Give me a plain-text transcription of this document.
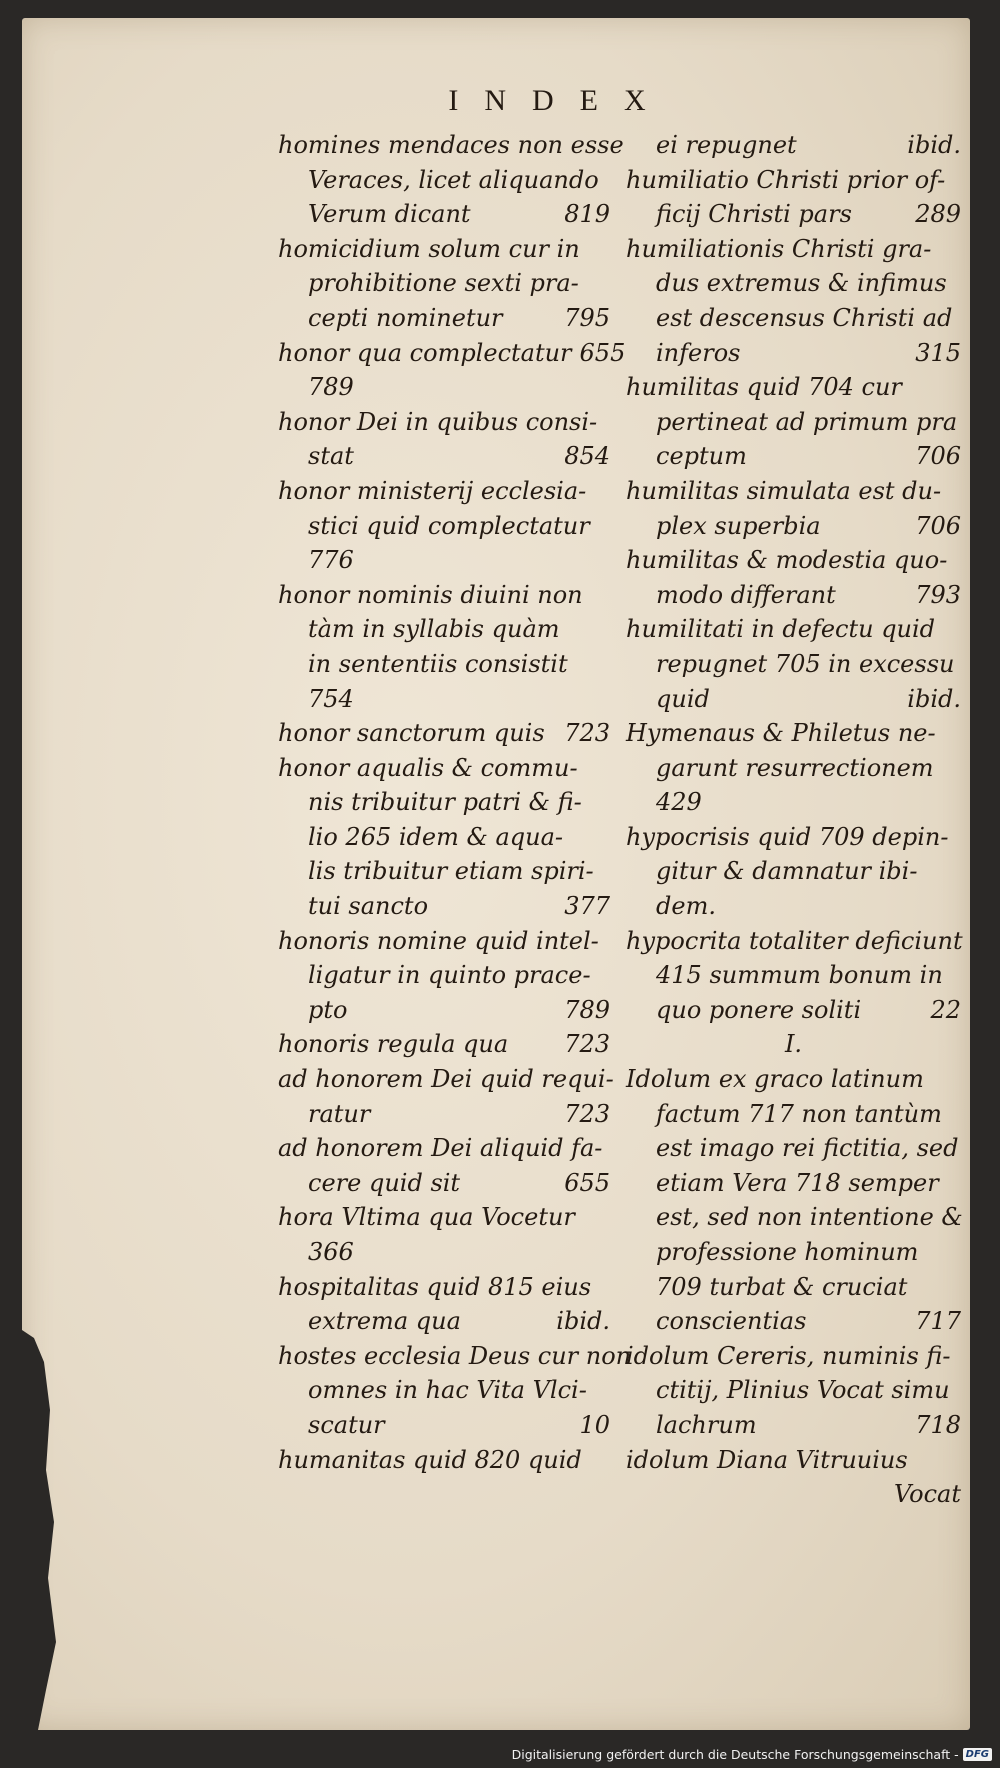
INDEX
homines mendaces non esse
Veraces, licet aliquando
Verum dicant	819
homicidium solum cur in
prohibitione sexti pra-
cepti nominetur	795
honor qua complectatur 655
789
honor Dei in quibus consi-
stat	854
honor ministerij ecclesia-
stici quid complectatur
776
honor nominis diuini non
tàm in syllabis quàm
in sententiis consistit
754
honor sanctorum quis 723
honor aqualis & commu-
nis tribuitur patri & fi-
lio 265 idem & aqua-
lis tribuitur etiam spiri-
tui sancto	377
honoris nomine quid intel-
ligatur in quinto prace-
pto	789
honoris regula qua	723
ad honorem Dei quid requi-
ratur	723
ad honorem Dei aliquid fa-
cere quid sit	655
hora Vltima qua Vocetur
366
hospitalitas quid 815 eius
extrema qua	ibid.
hostes ecclesia Deus cur non
omnes in hac Vita Vlci-
scatur	10
humanitas quid 820 quid
ei repugnet	ibid.
humiliatio Christi prior of-
ficij Christi pars	289
humiliationis Christi gra-
dus extremus & infimus
est descensus Christi ad
inferos	315
humilitas quid 704 cur
pertineat ad primum pra
ceptum	706
humilitas simulata est du-
plex superbia	706
humilitas & modestia quo-
modo differant	793
humilitati in defectu quid
repugnet 705 in excessu
quid	ibid.
Hymenaus & Philetus ne-
garunt resurrectionem
429
hypocrisis quid 709 depin-
gitur & damnatur ibi-
dem.
hypocrita totaliter deficiunt
415 summum bonum in
quo ponere soliti	22
I.
Idolum ex graco latinum
factum 717 non tantùm
est imago rei fictitia, sed
etiam Vera 718 semper
est, sed non intentione &
professione hominum
709 turbat & cruciat
conscientias	717
idolum Cereris, numinis fi-
ctitij, Plinius Vocat simu
lachrum	718
idolum Diana Vitruuius
Vocat
Digitalisierung gefördert durch die Deutsche Forschungsgemeinschaft - DFG
